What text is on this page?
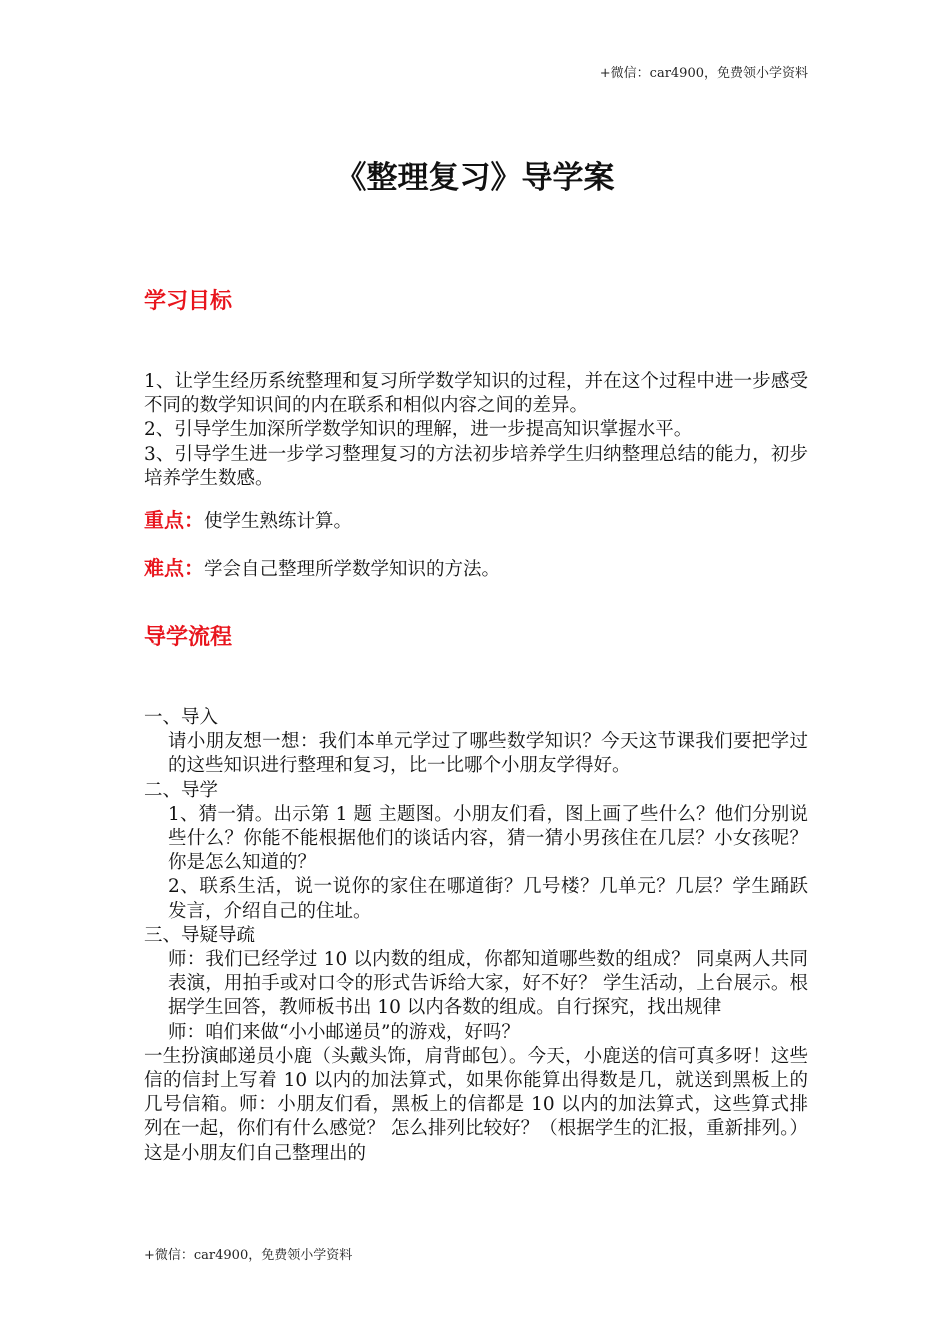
+微信：car4900，免费领小学资料
《整理复习》导学案
学习目标

1、让学生经历系统整理和复习所学数学知识的过程，并在这个过程中进一步感受不同的数学知识间的内在联系和相似内容之间的差异。

2、引导学生加深所学数学知识的理解，进一步提高知识掌握水平。

3、引导学生进一步学习整理复习的方法初步培养学生归纳整理总结的能力，初步培养学生数感。

重点：使学生熟练计算。
难点：学会自己整理所学数学知识的方法。
导学流程

一、导入

请小朋友想一想：我们本单元学过了哪些数学知识？今天这节课我们要把学过的这些知识进行整理和复习，比一比哪个小朋友学得好。

二、导学

1、猜一猜。出示第 1 题 主题图。小朋友们看，图上画了些什么？他们分别说些什么？你能不能根据他们的谈话内容，猜一猜小男孩住在几层？小女孩呢？你是怎么知道的？

2、联系生活，说一说你的家住在哪道街？几号楼？几单元？几层？学生踊跃发言，介绍自己的住址。

三、导疑导疏

师：我们已经学过 10 以内数的组成，你都知道哪些数的组成？ 同桌两人共同表演，用拍手或对口令的形式告诉给大家，好不好？ 学生活动，上台展示。根据学生回答，教师板书出 10 以内各数的组成。自行探究，找出规律

师：咱们来做“小小邮递员”的游戏，好吗？

一生扮演邮递员小鹿（头戴头饰，肩背邮包）。今天，小鹿送的信可真多呀！这些信的信封上写着 10 以内的加法算式，如果你能算出得数是几，就送到黑板上的几号信箱。师：小朋友们看，黑板上的信都是 10 以内的加法算式，这些算式排列在一起，你们有什么感觉？ 怎么排列比较好？（根据学生的汇报，重新排列。）这是小朋友们自己整理出的

+微信：car4900，免费领小学资料
